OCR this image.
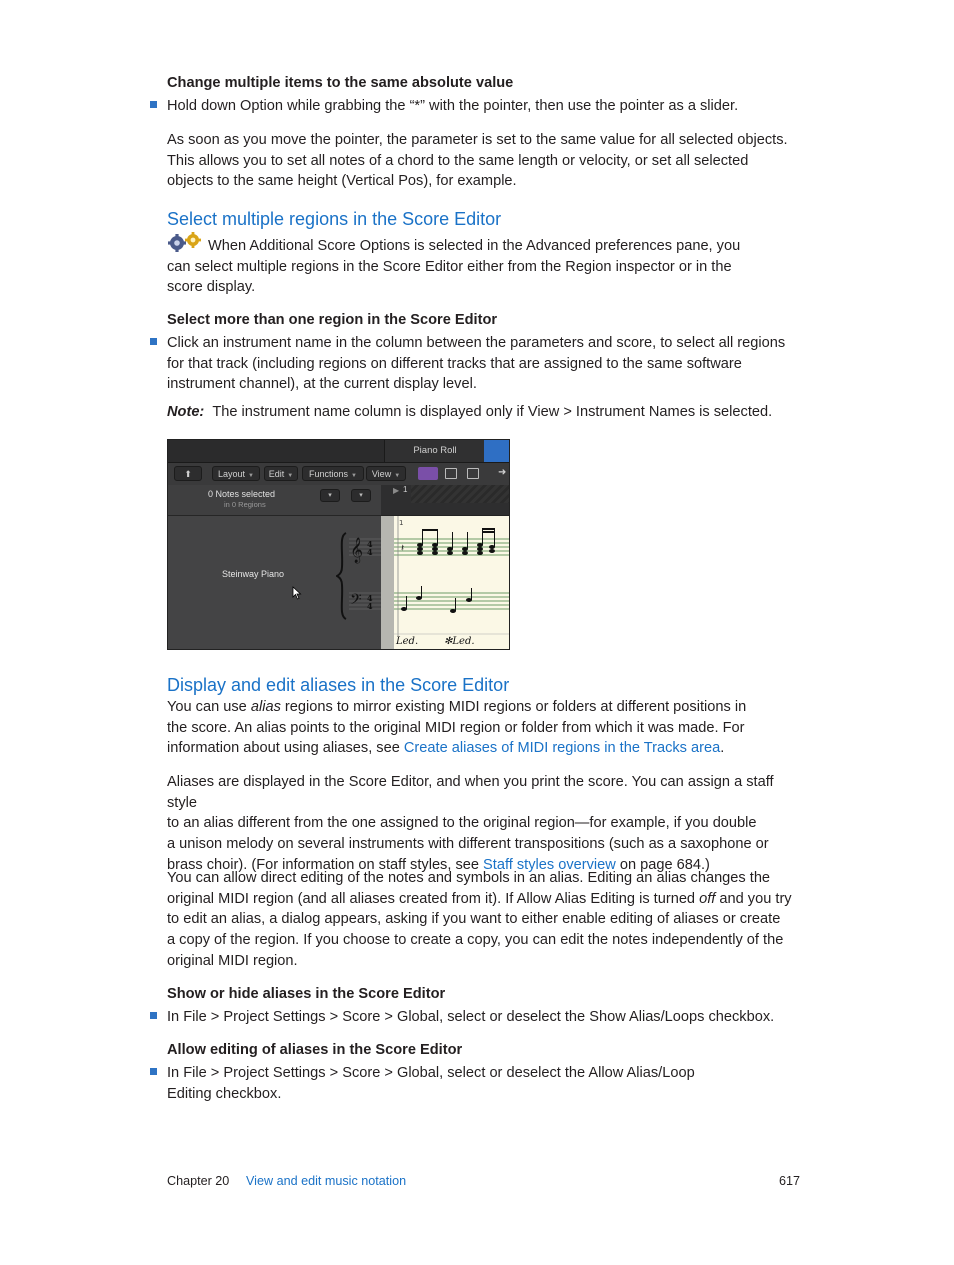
Change multiple items to the same absolute value
Hold down Option while grabbing the “*” with the pointer, then use the pointer as a slider.
As soon as you move the pointer, the parameter is set to the same value for all selected objects.
This allows you to set all notes of a chord to the same length or velocity, or set all selected
objects to the same height (Vertical Pos), for example.
Select multiple regions in the Score Editor
When Additional Score Options is selected in the Advanced preferences pane, you
can select multiple regions in the Score Editor either from the Region inspector or in the
score display.
Select more than one region in the Score Editor
Click an instrument name in the column between the parameters and score, to select all regions
for that track (including regions on different tracks that are assigned to the same software
instrument channel), at the current display level.
Note: The instrument name column is displayed only if View > Instrument Names is selected.
Piano Roll
⬆	Layout ▼	Edit ▼	Functions ▼	View ▼	➜
0 Notes selected
in 0 Regions
▾	▾
▶ 1
Steinway Piano
𝄞
𝄢
4
4
4
4
1
𝄽
Led.	✻Led.
Display and edit aliases in the Score Editor
You can use alias regions to mirror existing MIDI regions or folders at different positions in
the score. An alias points to the original MIDI region or folder from which it was made. For
information about using aliases, see Create aliases of MIDI regions in the Tracks area.
Aliases are displayed in the Score Editor, and when you print the score. You can assign a staff style
to an alias different from the one assigned to the original region—for example, if you double
a unison melody on several instruments with different transpositions (such as a saxophone or
brass choir). (For information on staff styles, see Staff styles overview on page 684.)
You can allow direct editing of the notes and symbols in an alias. Editing an alias changes the
original MIDI region (and all aliases created from it). If Allow Alias Editing is turned off and you try
to edit an alias, a dialog appears, asking if you want to either enable editing of aliases or create
a copy of the region. If you choose to create a copy, you can edit the notes independently of the
original MIDI region.
Show or hide aliases in the Score Editor
In File > Project Settings > Score > Global, select or deselect the Show Alias/Loops checkbox.
Allow editing of aliases in the Score Editor
In File > Project Settings > Score > Global, select or deselect the Allow Alias/Loop
Editing checkbox.
Chapter 20 View and edit music notation	617
